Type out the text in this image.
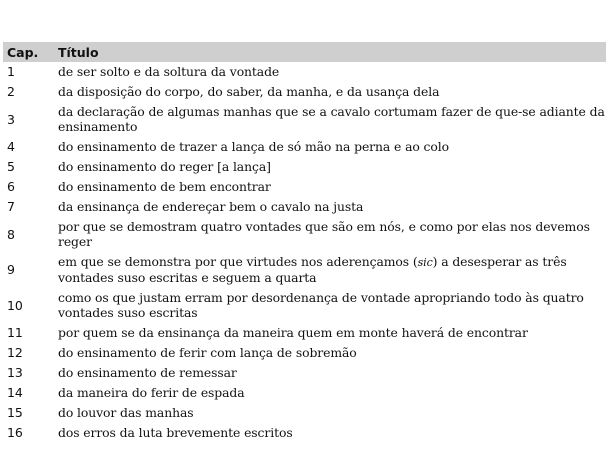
Cap.	Título
1	de ser solto e da soltura da vontade
2	da disposição do corpo, do saber, da manha, e da usança dela
3	da declaração de algumas manhas que se a cavalo cortumam fazer de que-se adiante da ensinamento
4	do ensinamento de trazer a lança de só mão na perna e ao colo
5	do ensinamento do reger [a lança]
6	do ensinamento de bem encontrar
7	da ensinança de endereçar bem o cavalo na justa
8	por que se demostram quatro vontades que são em nós, e como por elas nos devemos reger
9	em que se demonstra por que virtudes nos aderençamos (sic) a desesperar as três vontades suso escritas e seguem a quarta
10	como os que justam erram por desordenança de vontade apropriando todo às quatro vontades suso escritas
11	por quem se da ensinança da maneira quem em monte haverá de encontrar
12	do ensinamento de ferir com lança de sobremão
13	do ensinamento de remessar
14	da maneira do ferir de espada
15	do louvor das manhas
16	dos erros da luta brevemente escritos
